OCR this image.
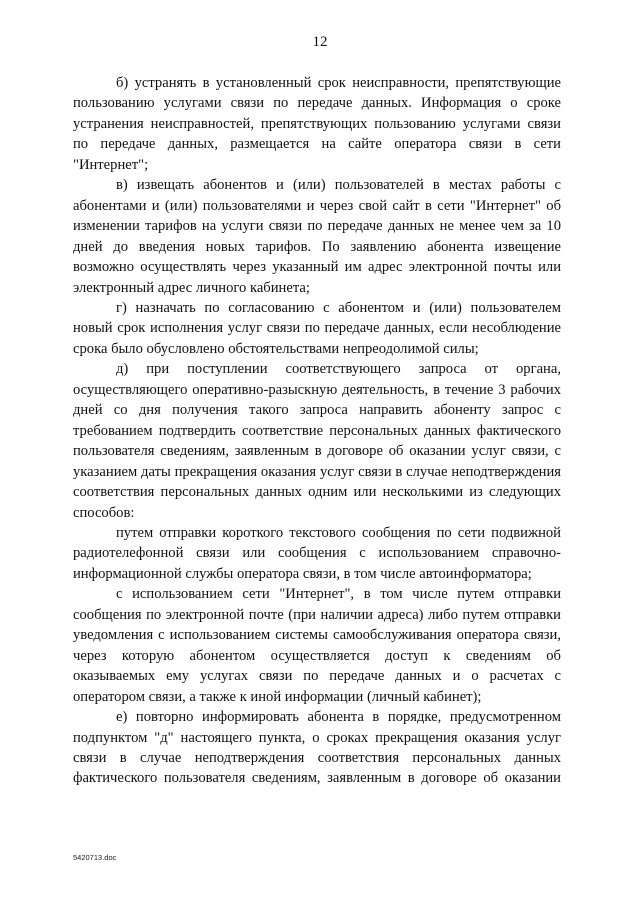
12

б) устранять в установленный срок неисправности, препятствующие пользованию услугами связи по передаче данных. Информация о сроке устранения неисправностей, препятствующих пользованию услугами связи по передаче данных, размещается на сайте оператора связи в сети "Интернет";

в) извещать абонентов и (или) пользователей в местах работы с абонентами и (или) пользователями и через свой сайт в сети "Интернет" об изменении тарифов на услуги связи по передаче данных не менее чем за 10 дней до введения новых тарифов. По заявлению абонента извещение возможно осуществлять через указанный им адрес электронной почты или электронный адрес личного кабинета;

г) назначать по согласованию с абонентом и (или) пользователем новый срок исполнения услуг связи по передаче данных, если несоблюдение срока было обусловлено обстоятельствами непреодолимой силы;

д) при поступлении соответствующего запроса от органа, осуществляющего оперативно-разыскную деятельность, в течение 3 рабочих дней со дня получения такого запроса направить абоненту запрос с требованием подтвердить соответствие персональных данных фактического пользователя сведениям, заявленным в договоре об оказании услуг связи, с указанием даты прекращения оказания услуг связи в случае неподтверждения соответствия персональных данных одним или несколькими из следующих способов:

путем отправки короткого текстового сообщения по сети подвижной радиотелефонной связи или сообщения с использованием справочно-информационной службы оператора связи, в том числе автоинформатора;

с использованием сети "Интернет", в том числе путем отправки сообщения по электронной почте (при наличии адреса) либо путем отправки уведомления с использованием системы самообслуживания оператора связи, через которую абонентом осуществляется доступ к сведениям об оказываемых ему услугах связи по передаче данных и о расчетах с оператором связи, а также к иной информации (личный кабинет);

е) повторно информировать абонента в порядке, предусмотренном подпунктом "д" настоящего пункта, о сроках прекращения оказания услуг связи в случае неподтверждения соответствия персональных данных фактического пользователя сведениям, заявленным в договоре об оказании

5420713.doc
